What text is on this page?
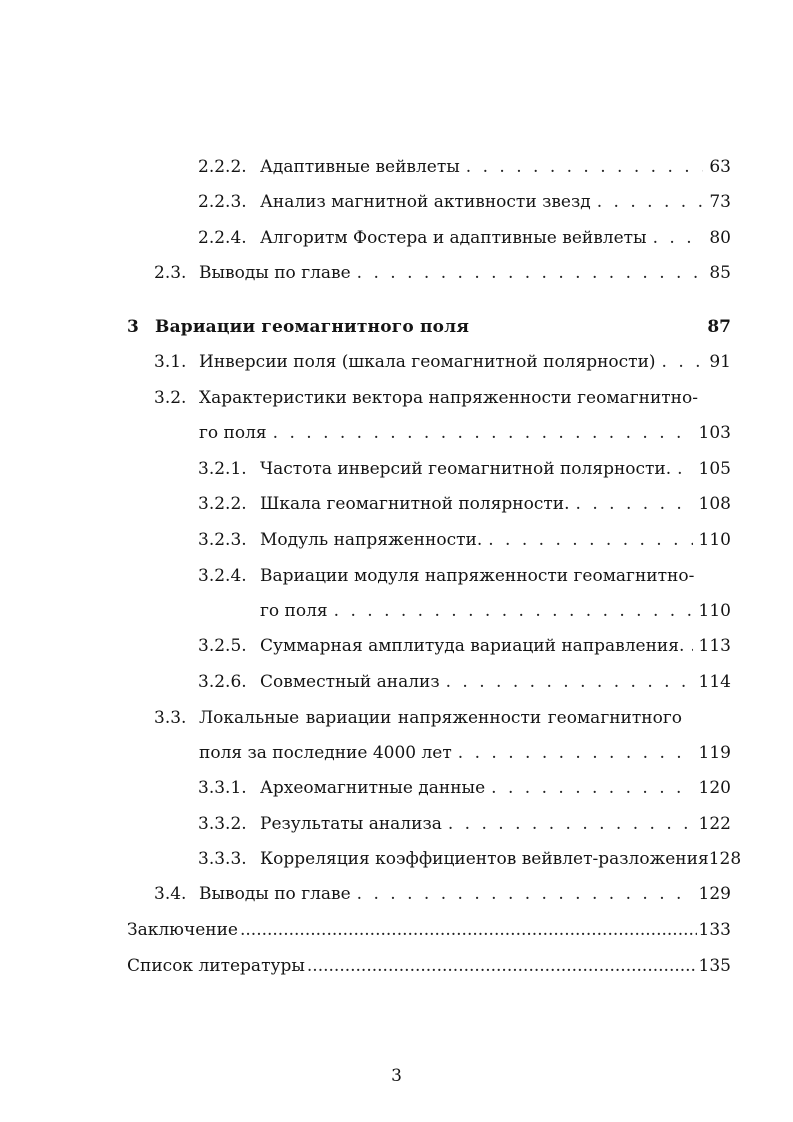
2.2.2. Адаптивные вейвлеты . . .	63
2.2.3. Анализ магнитной активности звезд . . .	73
2.2.4. Алгоритм Фостера и адаптивные вейвлеты . . .	80
2.3. Выводы по главе . . .	85
3 Вариации геомагнитного поля	87
3.1. Инверсии поля (шкала геомагнитной полярности) . . .	91
3.2. Характеристики вектора напряженности геомагнитно-
го поля . . .	103
3.2.1. Частота инверсий геомагнитной полярности. . . . 105
3.2.2. Шкала геомагнитной полярности. . . .	108
3.2.3. Модуль напряженности. . . .	110
3.2.4. Вариации модуля напряженности геомагнитно-
го поля . . .	110
3.2.5. Суммарная амплитуда вариаций направления. . . . 113
3.2.6. Совместный анализ . . .	114
3.3. Локальные вариации напряженности геомагнитного
поля за последние 4000 лет . . .	119
3.3.1. Археомагнитные данные . . .	120
3.3.2. Результаты анализа . . .	122
3.3.3. Корреляция коэффициентов вейвлет-разложения 128
3.4. Выводы по главе . . .	129
Заключение .....	133
Список литературы .....	135
3
